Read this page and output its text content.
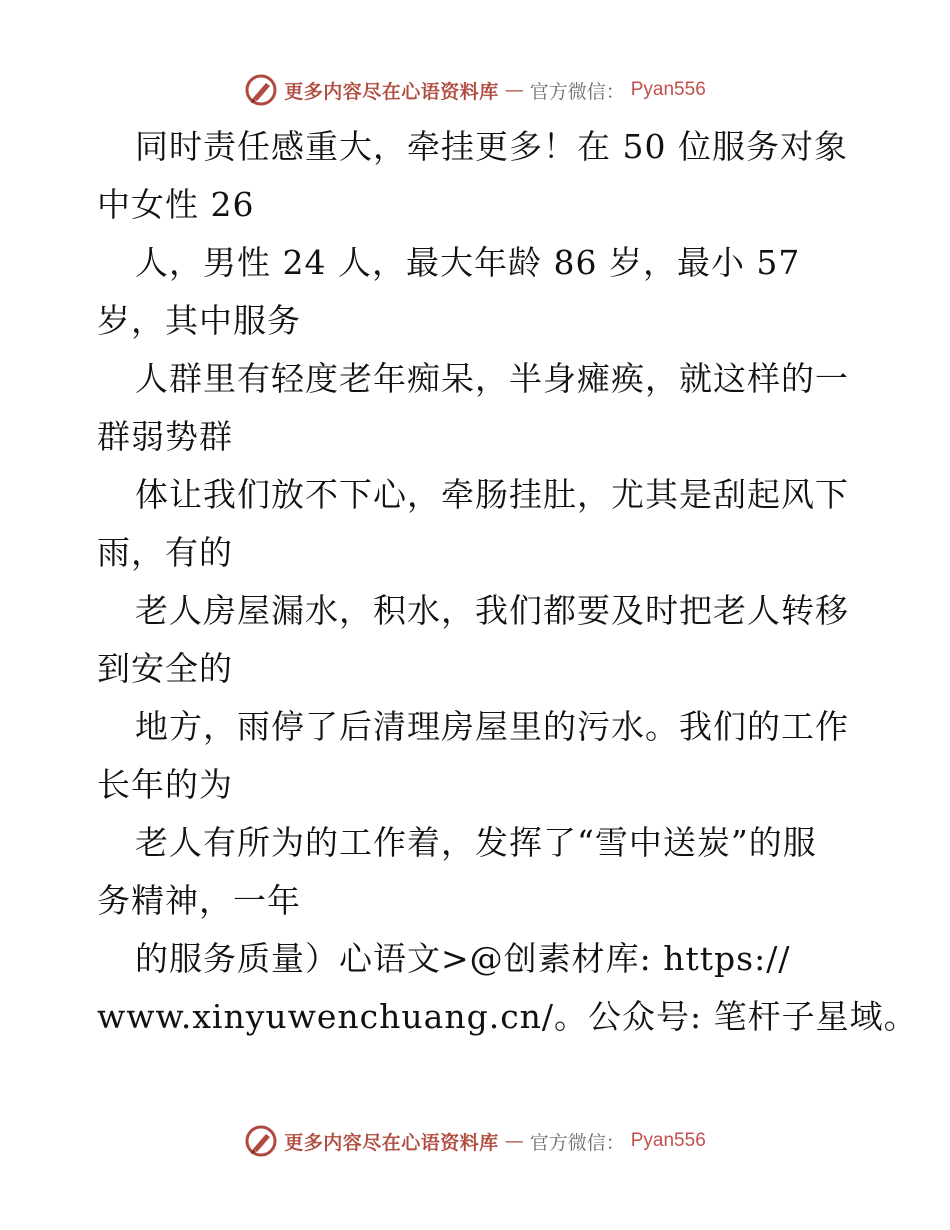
更多内容尽在心语资料库 — 官方微信： Pyan556
同时责任感重大，牵挂更多！在 50 位服务对象
中女性 26
人，男性 24 人，最大年龄 86 岁，最小 57
岁，其中服务
人群里有轻度老年痴呆，半身瘫痪，就这样的一
群弱势群
体让我们放不下心，牵肠挂肚，尤其是刮起风下
雨，有的
老人房屋漏水，积水，我们都要及时把老人转移
到安全的
地方，雨停了后清理房屋里的污水。我们的工作
长年的为
老人有所为的工作着，发挥了“雪中送炭”的服
务精神，一年
的服务质量）心语文>@创素材库: https://
www.xinyuwenchuang.cn/。公众号: 笔杆子星域。
更多内容尽在心语资料库 — 官方微信： Pyan556
